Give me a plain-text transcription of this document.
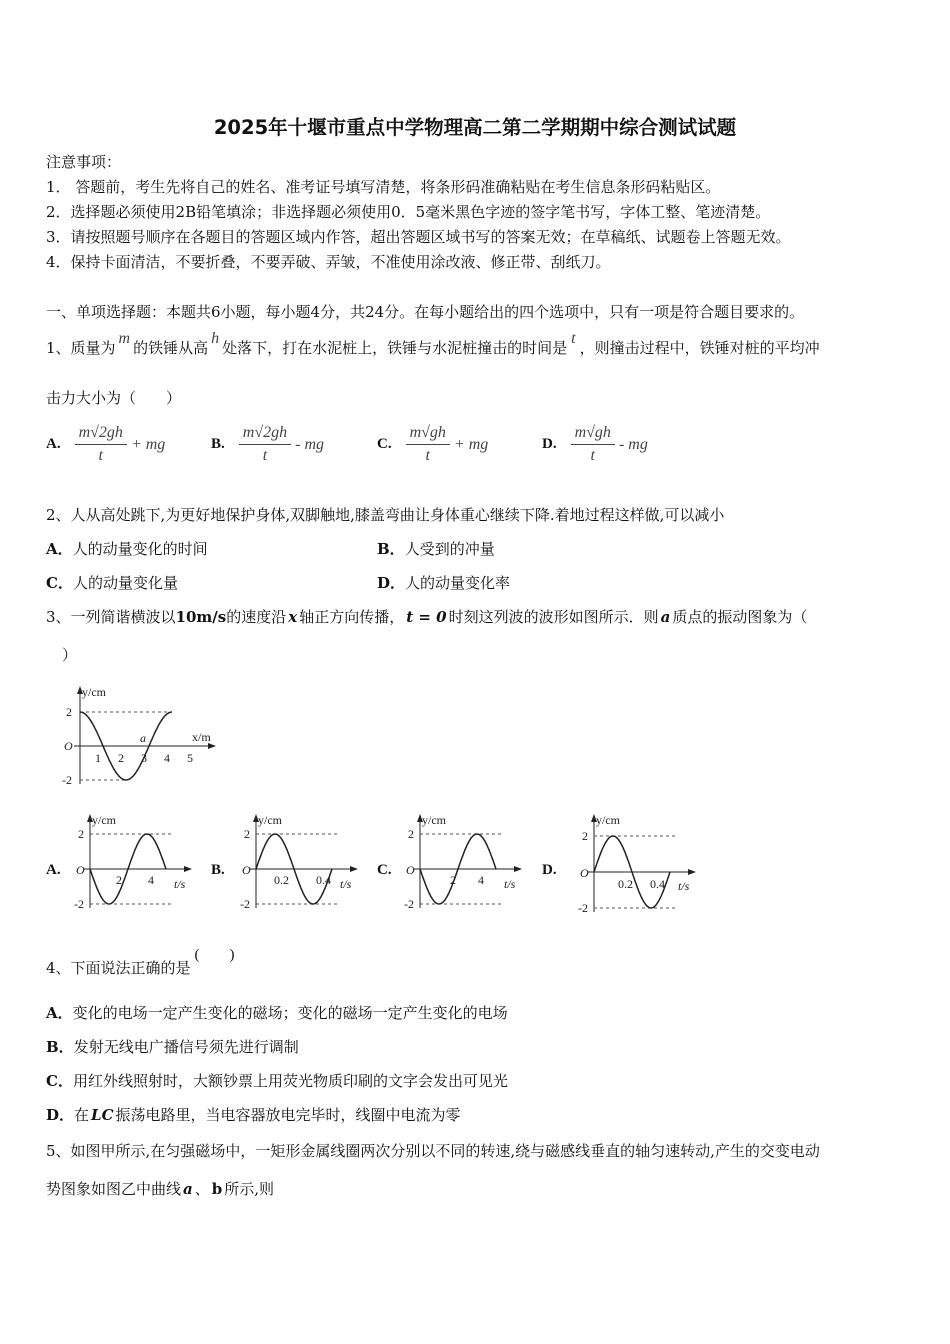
2025年十堰市重点中学物理高二第二学期期中综合测试试题
注意事项：
1． 答题前，考生先将自己的姓名、准考证号填写清楚，将条形码准确粘贴在考生信息条形码粘贴区。
2．选择题必须使用2B铅笔填涂；非选择题必须使用0．5毫米黑色字迹的签字笔书写，字体工整、笔迹清楚。
3．请按照题号顺序在各题目的答题区域内作答，超出答题区域书写的答案无效；在草稿纸、试题卷上答题无效。
4．保持卡面清洁，不要折叠，不要弄破、弄皱，不准使用涂改液、修正带、刮纸刀。
一、单项选择题：本题共6小题，每小题4分，共24分。在每小题给出的四个选项中，只有一项是符合题目要求的。
1、质量为m的铁锤从高h处落下，打在水泥桩上，铁锤与水泥桩撞击的时间是t，则撞击过程中，铁锤对桩的平均冲
击力大小为（　　）
A. $\frac{m√2gh}{t}$ + mg	B. $\frac{m√2gh}{t}$ - mg	C. $\frac{m√gh}{t}$ + mg	D. $\frac{m√gh}{t}$ - mg
2、人从高处跳下,为更好地保护身体,双脚触地,膝盖弯曲让身体重心继续下降.着地过程这样做,可以减小
A．人的动量变化的时间	B．人受到的冲量
C．人的动量变化量	D．人的动量变化率
3、一列简谐横波以10m/s的速度沿 x 轴正方向传播， t = 0 时刻这列波的波形如图所示．则 a 质点的振动图象为（
）
y/cm
x/m
a
2
-2
O
1 2 3 4 5
A.
y/cm
t/s
2
-2
O
2 4
B.
y/cm
t/s
2
-2
O
0.2 0.4
C.
y/cm
t/s
2
-2
O
2 4
D.
y/cm
t/s
2
-2
O
0.2 0.4
4、下面说法正确的是(　　)
A．变化的电场一定产生变化的磁场；变化的磁场一定产生变化的电场
B．发射无线电广播信号须先进行调制
C．用红外线照射时，大额钞票上用荧光物质印刷的文字会发出可见光
D．在 LC 振荡电路里，当电容器放电完毕时，线圈中电流为零
5、如图甲所示,在匀强磁场中，一矩形金属线圈两次分别以不同的转速,绕与磁感线垂直的轴匀速转动,产生的交变电动
势图象如图乙中曲线 a 、 b 所示,则
